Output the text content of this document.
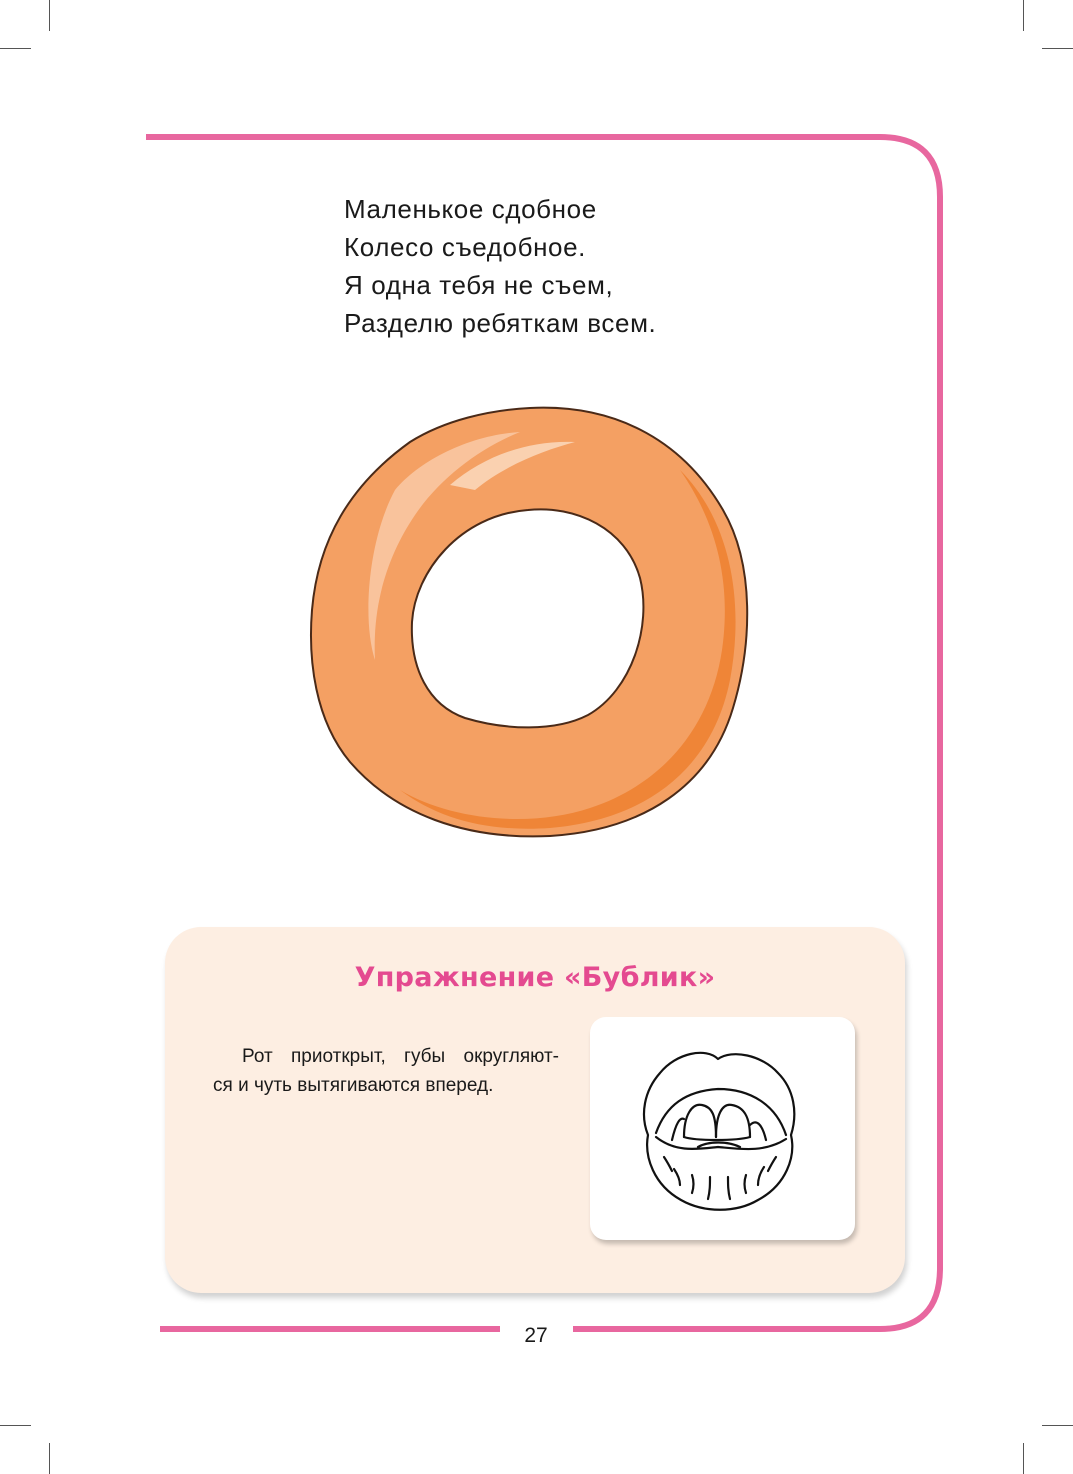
Маленькое сдобное
Колесо съедобное.
Я одна тебя не съем,
Разделю ребяткам всем.
Упражнение «Бублик»
Рот приоткрыт, губы округляют-
ся и чуть вытягиваются вперед.
27
